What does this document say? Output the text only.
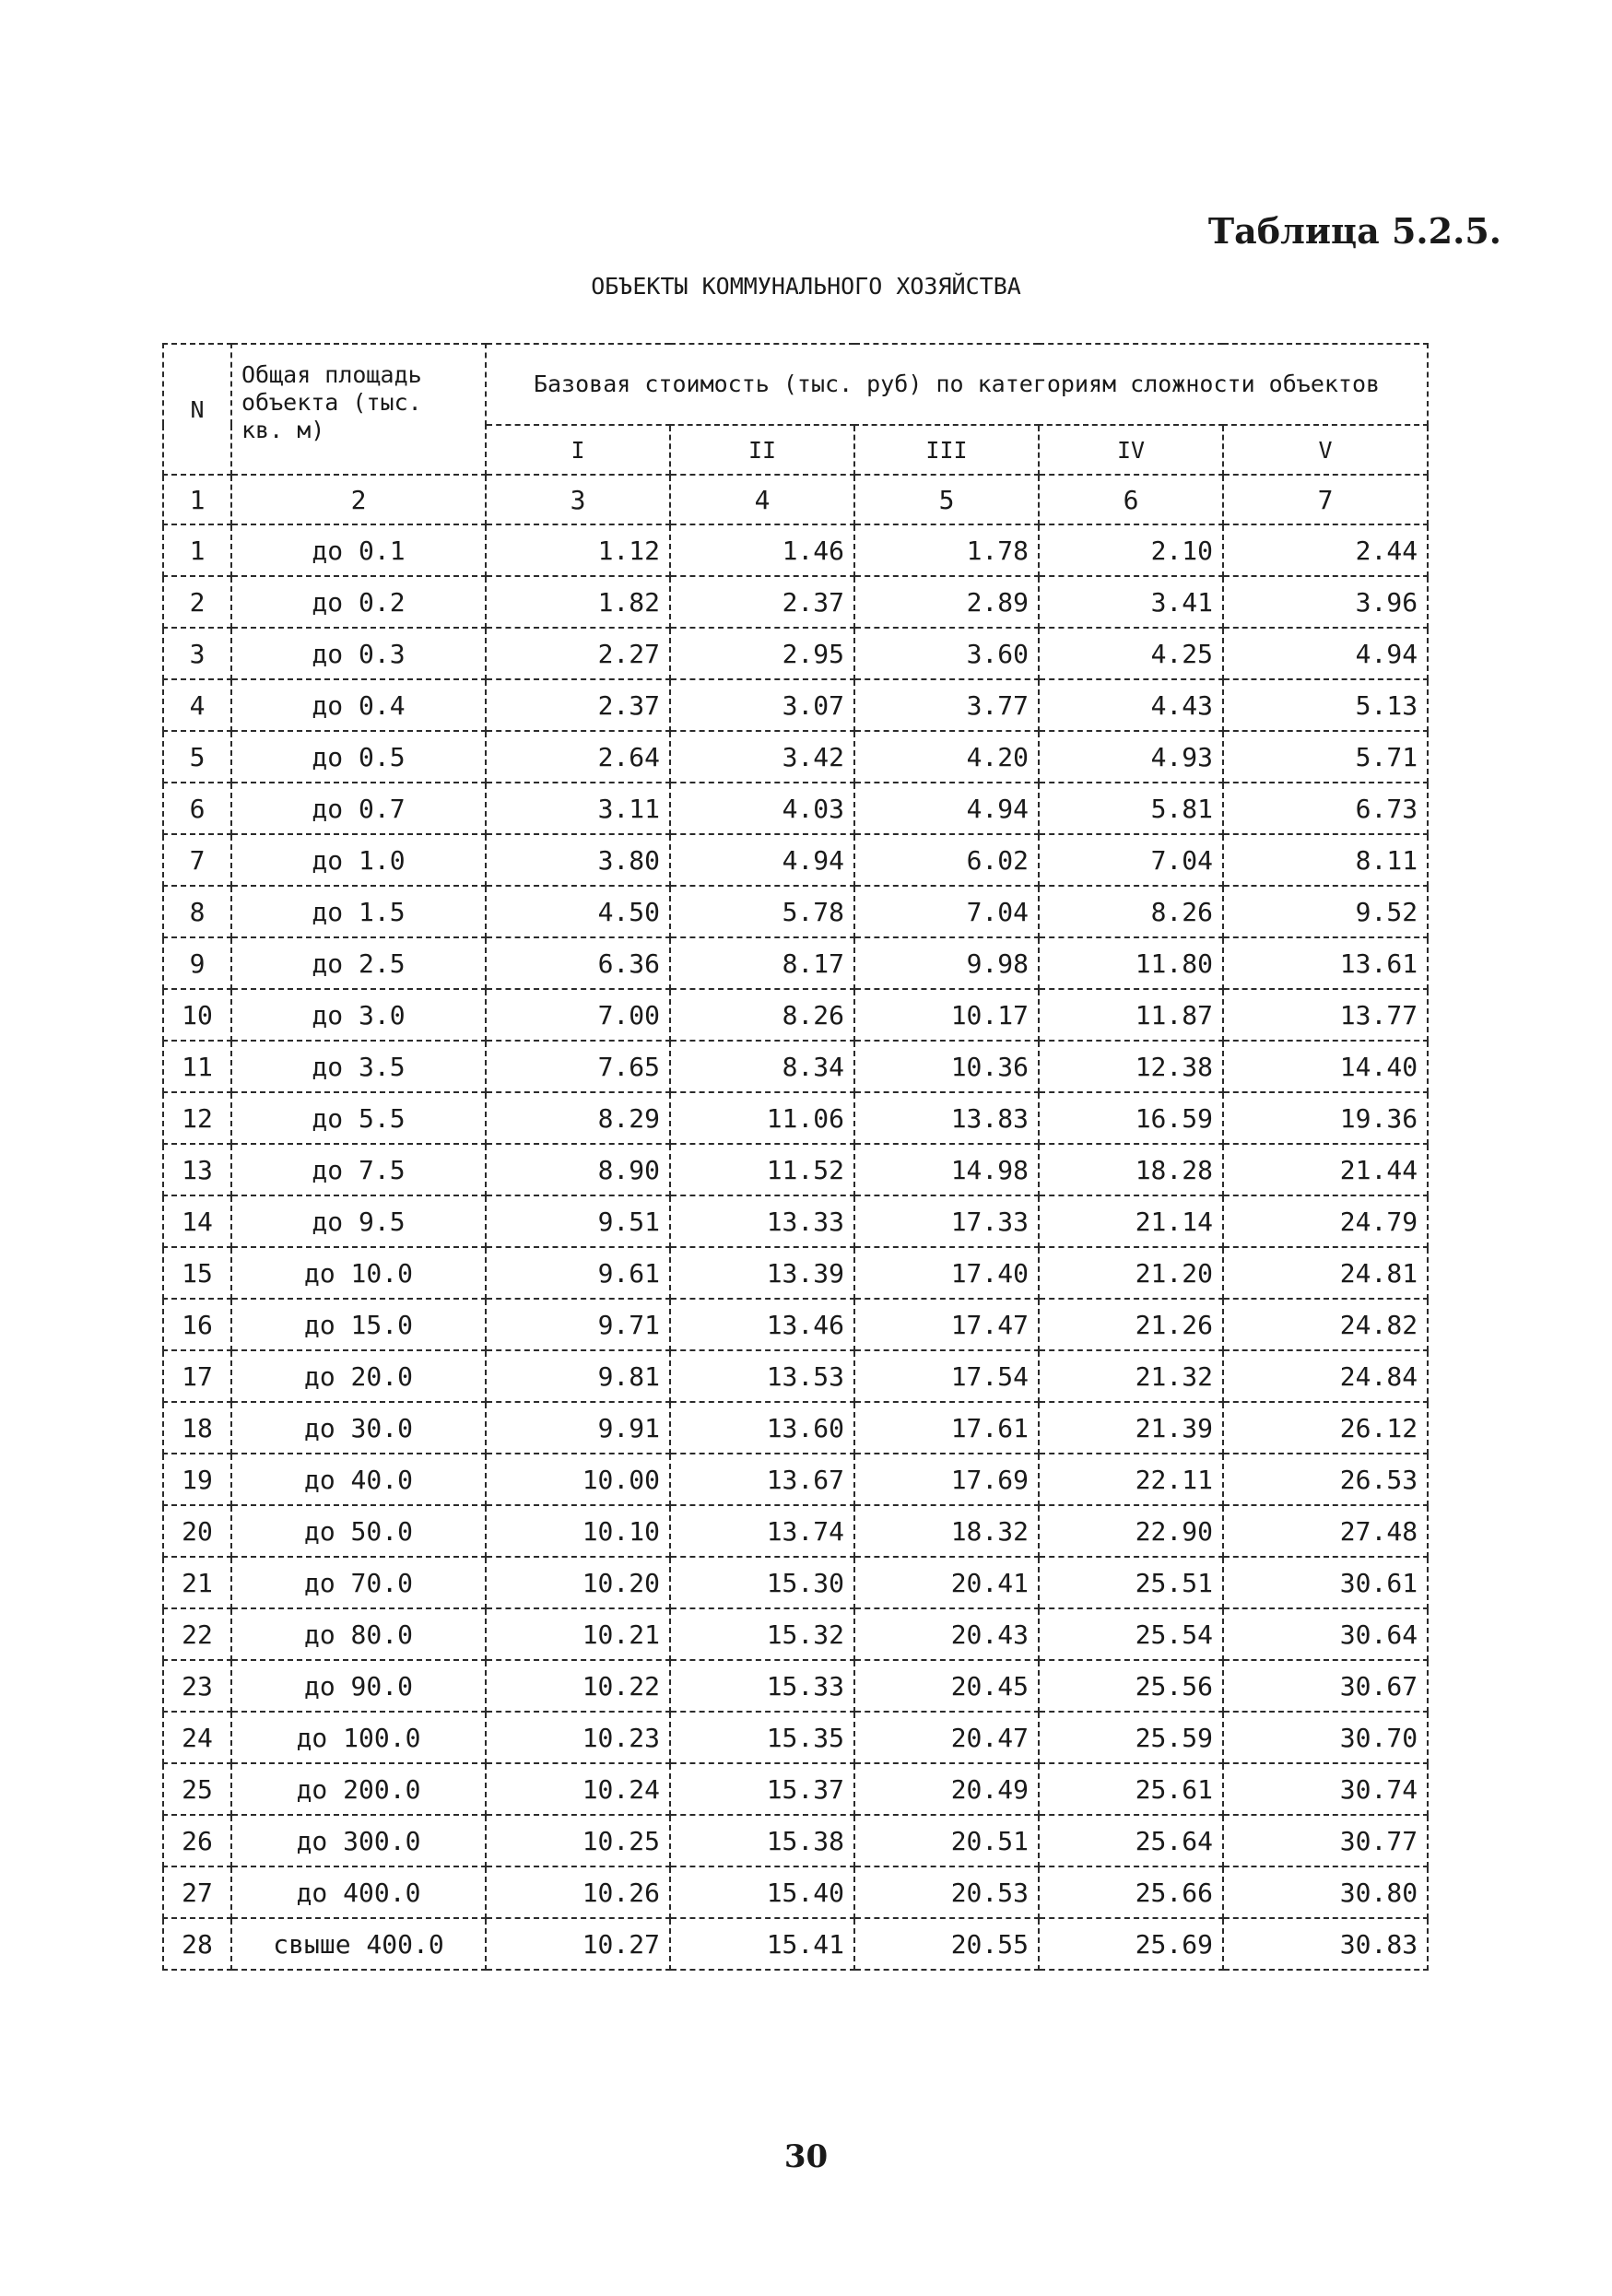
Таблица 5.2.5.
ОБЪЕКТЫ КОММУНАЛЬНОГО ХОЗЯЙСТВА
N	Общая площадь объекта (тыс. кв. м)	Базовая стоимость (тыс. руб) по категориям сложности объектов				
		I	II	III	IV	V
1	2	3	4	5	6	7
1	до 0.1	1.12	1.46	1.78	2.10	2.44
2	до 0.2	1.82	2.37	2.89	3.41	3.96
3	до 0.3	2.27	2.95	3.60	4.25	4.94
4	до 0.4	2.37	3.07	3.77	4.43	5.13
5	до 0.5	2.64	3.42	4.20	4.93	5.71
6	до 0.7	3.11	4.03	4.94	5.81	6.73
7	до 1.0	3.80	4.94	6.02	7.04	8.11
8	до 1.5	4.50	5.78	7.04	8.26	9.52
9	до 2.5	6.36	8.17	9.98	11.80	13.61
10	до 3.0	7.00	8.26	10.17	11.87	13.77
11	до 3.5	7.65	8.34	10.36	12.38	14.40
12	до 5.5	8.29	11.06	13.83	16.59	19.36
13	до 7.5	8.90	11.52	14.98	18.28	21.44
14	до 9.5	9.51	13.33	17.33	21.14	24.79
15	до 10.0	9.61	13.39	17.40	21.20	24.81
16	до 15.0	9.71	13.46	17.47	21.26	24.82
17	до 20.0	9.81	13.53	17.54	21.32	24.84
18	до 30.0	9.91	13.60	17.61	21.39	26.12
19	до 40.0	10.00	13.67	17.69	22.11	26.53
20	до 50.0	10.10	13.74	18.32	22.90	27.48
21	до 70.0	10.20	15.30	20.41	25.51	30.61
22	до 80.0	10.21	15.32	20.43	25.54	30.64
23	до 90.0	10.22	15.33	20.45	25.56	30.67
24	до 100.0	10.23	15.35	20.47	25.59	30.70
25	до 200.0	10.24	15.37	20.49	25.61	30.74
26	до 300.0	10.25	15.38	20.51	25.64	30.77
27	до 400.0	10.26	15.40	20.53	25.66	30.80
28	свыше 400.0	10.27	15.41	20.55	25.69	30.83
30
